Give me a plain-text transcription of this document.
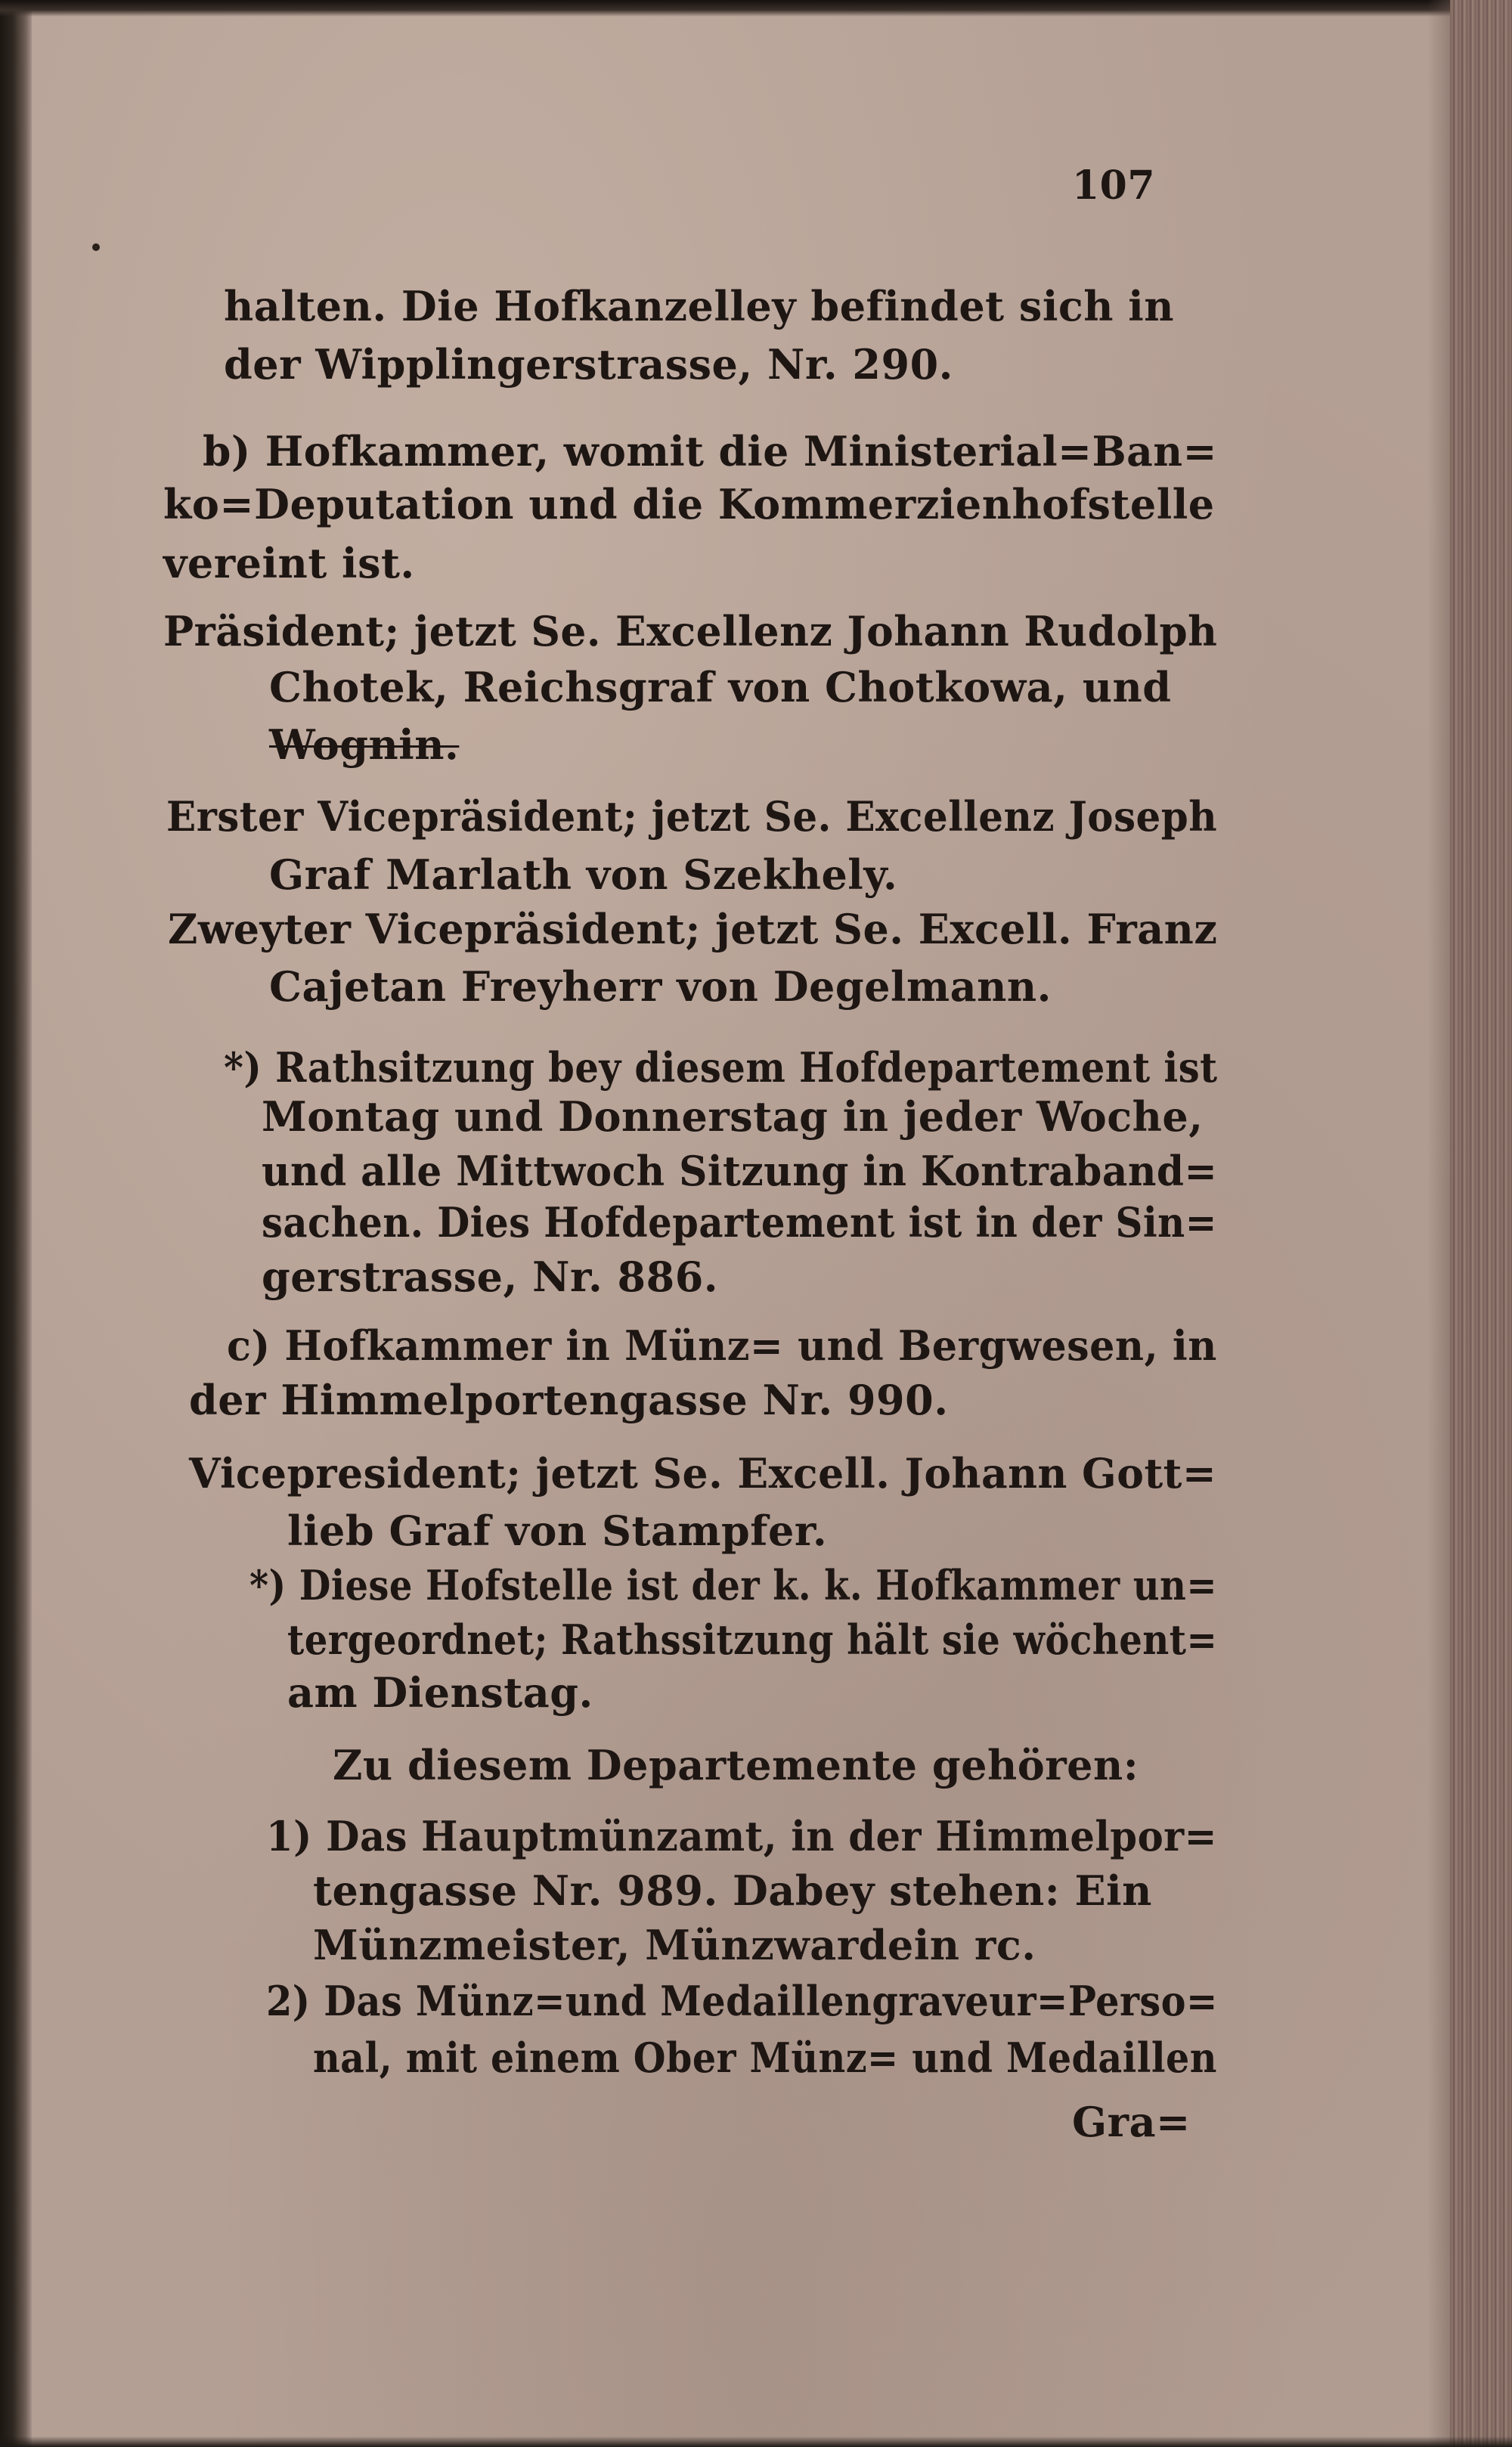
107
halten. Die Hofkanzelley befindet sich in
der Wipplingerstrasse, Nr. 290.
b) Hofkammer, womit die Ministerial=Ban=
ko=Deputation und die Kommerzienhofstelle
vereint ist.
Präsident; jetzt Se. Excellenz Johann Rudolph
Chotek, Reichsgraf von Chotkowa, und
Wognin.
Erster Vicepräsident; jetzt Se. Excellenz Joseph
Graf Marlath von Szekhely.
Zweyter Vicepräsident; jetzt Se. Excell. Franz
Cajetan Freyherr von Degelmann.
*) Rathsitzung bey diesem Hofdepartement ist
Montag und Donnerstag in jeder Woche,
und alle Mittwoch Sitzung in Kontraband=
sachen. Dies Hofdepartement ist in der Sin=
gerstrasse, Nr. 886.
c) Hofkammer in Münz= und Bergwesen, in
der Himmelportengasse Nr. 990.
Vicepresident; jetzt Se. Excell. Johann Gott=
lieb Graf von Stampfer.
*) Diese Hofstelle ist der k. k. Hofkammer un=
tergeordnet; Rathssitzung hält sie wöchent=
am Dienstag.
Zu diesem Departemente gehören:
1) Das Hauptmünzamt, in der Himmelpor=
tengasse Nr. 989. Dabey stehen: Ein
Münzmeister, Münzwardein rc.
2) Das Münz=und Medaillengraveur=Perso=
nal, mit einem Ober Münz= und Medaillen
Gra=
